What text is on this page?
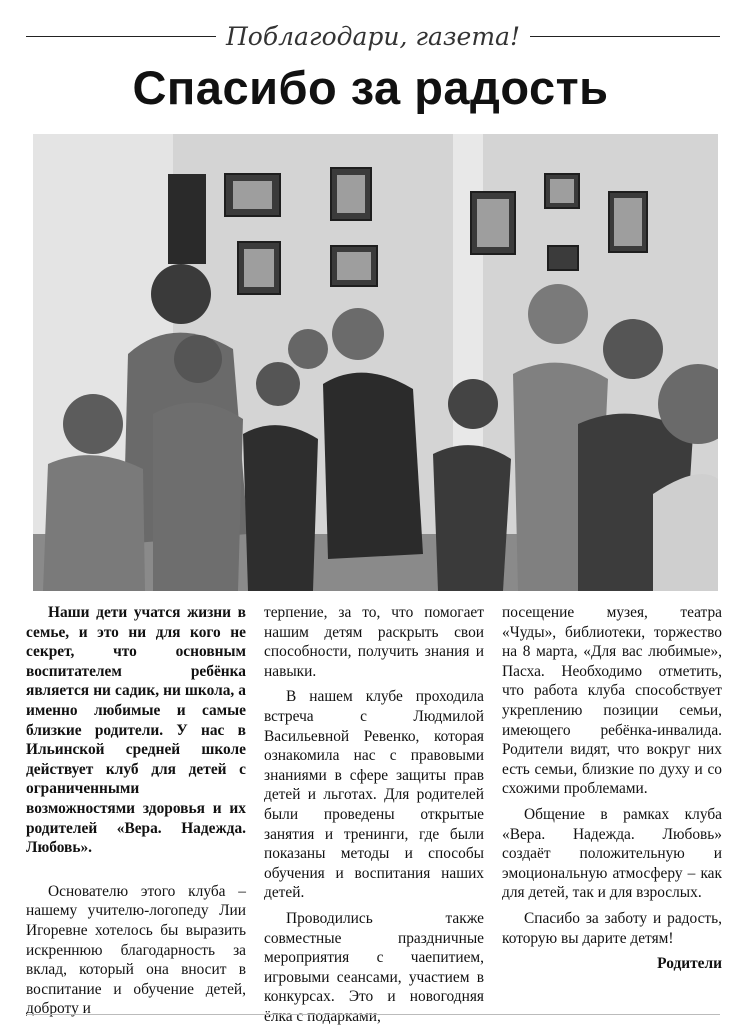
Поблагодари, газета!
Спасибо за радость

Наши дети учатся жизни в семье, и это ни для кого не секрет, что основным воспитателем ребёнка является ни садик, ни школа, а именно любимые и самые близкие родители. У нас в Ильинской средней школе действует клуб для детей с ограниченными возможностями здоровья и их родителей «Вера. Надежда. Любовь».

Основателю этого клуба – нашему учителю-логопеду Лии Игоревне хотелось бы выразить искреннюю благодарность за вклад, который она вносит в воспитание и обучение детей, доброту и

терпение, за то, что помогает нашим детям раскрыть свои способности, получить знания и навыки.

В нашем клубе проходила встреча с Людмилой Васильевной Ревенко, которая ознакомила нас с правовыми знаниями в сфере защиты прав детей и льготах. Для родителей были проведены открытые занятия и тренинги, где были показаны методы и способы обучения и воспитания наших детей.

Проводились также совместные праздничные мероприятия с чаепитием, игровыми сеансами, участием в конкурсах. Это и новогодняя ёлка с подарками,

посещение музея, театра «Чуды», библиотеки, торжество на 8 марта, «Для вас любимые», Пасха. Необходимо отметить, что работа клуба способствует укреплению позиции семьи, имеющего ребёнка-инвалида. Родители видят, что вокруг них есть семьи, близкие по духу и со схожими проблемами.

Общение в рамках клуба «Вера. Надежда. Любовь» создаёт положительную и эмоциональную атмосферу – как для детей, так и для взрослых.

Спасибо за заботу и радость, которую вы дарите детям!

Родители
